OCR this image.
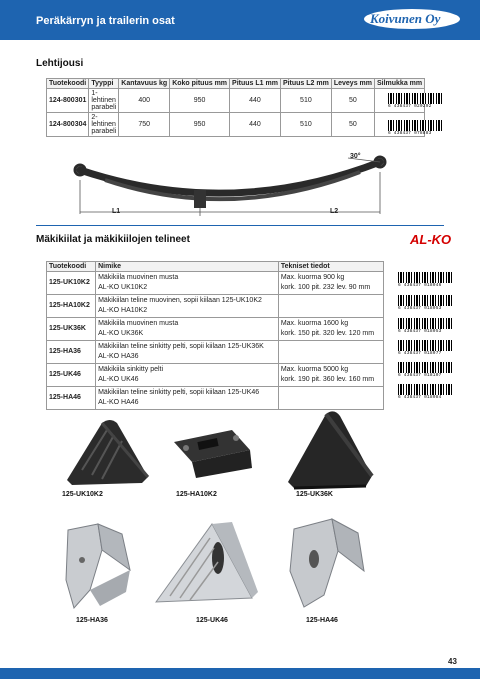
Peräkärryn ja trailerin osat	Koivunen Oy
Lehtijousi
Tuotekoodi	Tyyppi	Kantavuus kg	Koko pituus mm	Pituus L1 mm	Pituus L2 mm	Leveys mm	Silmukka mm
124-800301	1-lehtinen parabeli	400	950	440	510	50	
124-800304	2-lehtinen parabeli	750	950	440	510	50	
6 438437 020292
6 438437 078883
30°
L1	L2
Mäkikiilat ja mäkikiilojen telineet	AL-KO
Tuotekoodi	Nimike	Tekniset tiedot
125-UK10K2	Mäkikiila muovinen musta
AL-KO UK10K2	Max. kuorma 900 kg
kork. 100 pit. 232 lev. 90 mm
125-HA10K2	Mäkikiilan teline muovinen, sopii kiilaan 125-UK10K2
AL-KO HA10K2	

125-UK36K	Mäkikiila muovinen musta
AL-KO UK36K	Max. kuorma 1600 kg
kork. 150 pit. 320 lev. 120 mm
125-HA36	Mäkikiilan teline sinkitty pelti, sopii kiilaan 125-UK36K
AL-KO HA36	

125-UK46	Mäkikiila sinkitty pelti
AL-KO UK46	Max. kuorma 5000 kg
kork. 190 pit. 360 lev. 160 mm
125-HA46	Mäkikiilan teline sinkitty pelti, sopii kiilaan 125-UK46
AL-KO HA46	

6 438437 018046
6 438437 018053
6 438437 018053
6 438437 018077
6 438437 018107
6 438437 018084
125-UK10K2	125-HA10K2	125-UK36K
125-HA36	125-UK46	125-HA46
43
